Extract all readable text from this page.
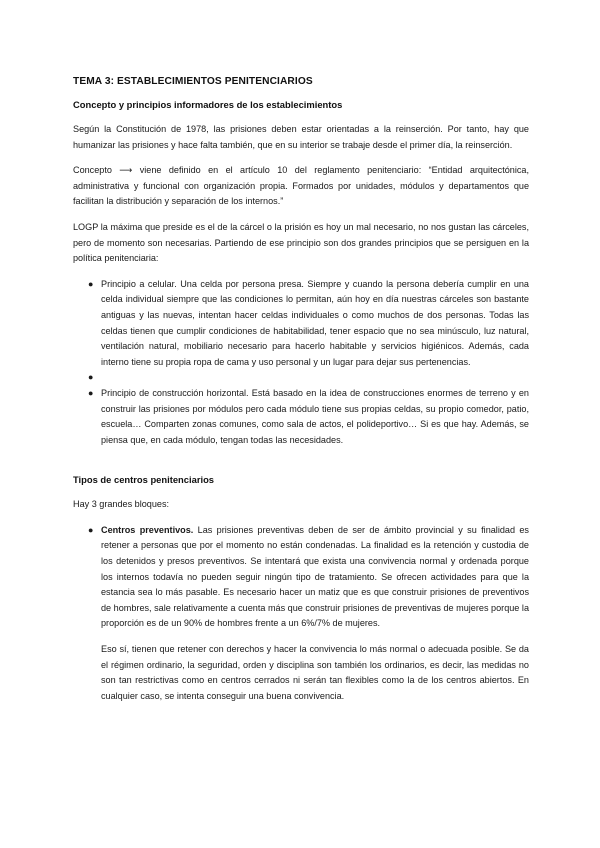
TEMA 3: ESTABLECIMIENTOS PENITENCIARIOS
Concepto y principios informadores de los establecimientos

Según la Constitución de 1978, las prisiones deben estar orientadas a la reinserción. Por tanto, hay que humanizar las prisiones y hace falta también, que en su interior se trabaje desde el primer día, la reinserción.

Concepto ⟶ viene definido en el artículo 10 del reglamento penitenciario: “Entidad arquitectónica, administrativa y funcional con organización propia. Formados por unidades, módulos y departamentos que facilitan la distribución y separación de los internos.”

LOGP la máxima que preside es el de la cárcel o la prisión es hoy un mal necesario, no nos gustan las cárceles, pero de momento son necesarias. Partiendo de ese principio son dos grandes principios que se persiguen en la política penitenciaria:

● Principio a celular. Una celda por persona presa. Siempre y cuando la persona debería cumplir en una celda individual siempre que las condiciones lo permitan, aún hoy en día nuestras cárceles son bastante antiguas y las nuevas, intentan hacer celdas individuales o como muchos de dos personas. Todas las celdas tienen que cumplir condiciones de habitabilidad, tener espacio que no sea minúsculo, luz natural, ventilación natural, mobiliario necesario para hacerlo habitable y servicios higiénicos. Además, cada interno tiene su propia ropa de cama y uso personal y un lugar para dejar sus pertenencias.
●
● Principio de construcción horizontal. Está basado en la idea de construcciones enormes de terreno y en construir las prisiones por módulos pero cada módulo tiene sus propias celdas, su propio comedor, patio, escuela… Comparten zonas comunes, como sala de actos, el polideportivo… Si es que hay. Además, se piensa que, en cada módulo, tengan todas las necesidades.
Tipos de centros penitenciarios

Hay 3 grandes bloques:

● Centros preventivos. Las prisiones preventivas deben de ser de ámbito provincial y su finalidad es retener a personas que por el momento no están condenadas. La finalidad es la retención y custodia de los detenidos y presos preventivos. Se intentará que exista una convivencia normal y ordenada porque los internos todavía no pueden seguir ningún tipo de tratamiento. Se ofrecen actividades para que la estancia sea lo más pasable. Es necesario hacer un matiz que es que construir prisiones de preventivos de hombres, sale relativamente a cuenta más que construir prisiones de preventivas de mujeres porque la proporción es de un 90% de hombres frente a un 6%/7% de mujeres.
Eso sí, tienen que retener con derechos y hacer la convivencia lo más normal o adecuada posible. Se da el régimen ordinario, la seguridad, orden y disciplina son también los ordinarios, es decir, las medidas no son tan restrictivas como en centros cerrados ni serán tan flexibles como la de los centros abiertos. En cualquier caso, se intenta conseguir una buena convivencia.
